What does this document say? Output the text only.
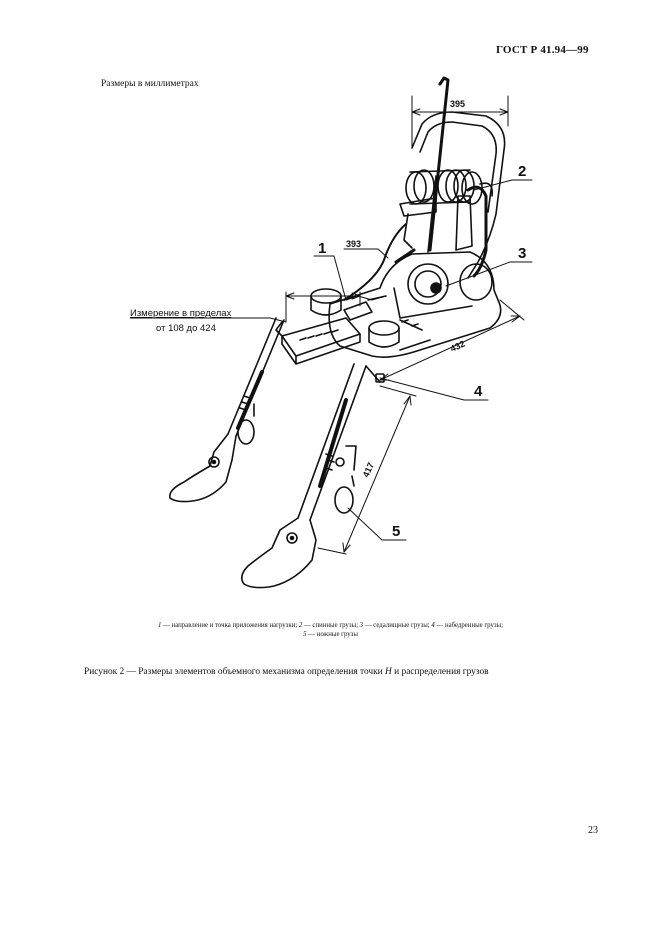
ГОСТ Р 41.94—99
Размеры в миллиметрах
395
393
432
417
Измерение в пределах
от 108 до 424
1
2
3
4
5
1 — направление и точка приложения нагрузки; 2 — спинные грузы; 3 — седалищные грузы; 4 — набедренные грузы;
5 — ножные грузы
Рисунок 2 — Размеры элементов объемного механизма определения точки H и распределения грузов
23
